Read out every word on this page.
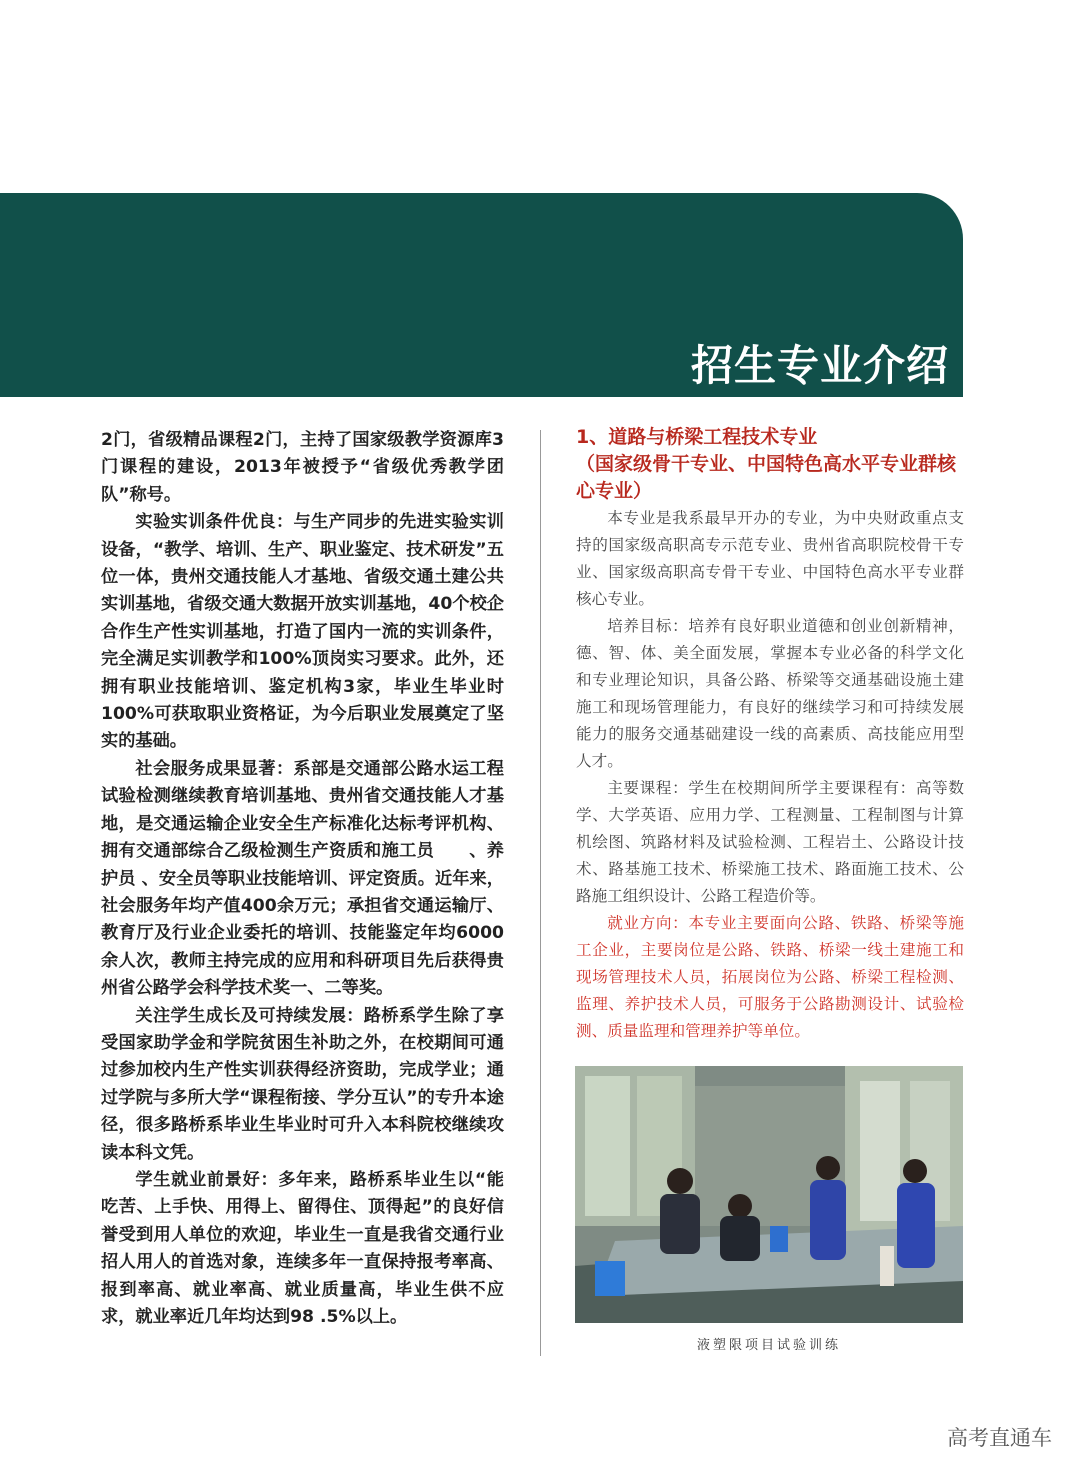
招生专业介绍

2门，省级精品课程2门，主持了国家级教学资源库3门课程的建设，2013年被授予“省级优秀教学团队”称号。

实验实训条件优良：与生产同步的先进实验实训设备，“教学、培训、生产、职业鉴定、技术研发”五位一体，贵州交通技能人才基地、省级交通土建公共实训基地，省级交通大数据开放实训基地，40个校企合作生产性实训基地，打造了国内一流的实训条件，完全满足实训教学和100%顶岗实习要求。此外，还拥有职业技能培训、鉴定机构3家，毕业生毕业时100%可获取职业资格证，为今后职业发展奠定了坚实的基础。

社会服务成果显著：系部是交通部公路水运工程试验检测继续教育培训基地、贵州省交通技能人才基地，是交通运输企业安全生产标准化达标考评机构、拥有交通部综合乙级检测生产资质和施工员　　、养护员 、安全员等职业技能培训、评定资质。近年来，社会服务年均产值400余万元；承担省交通运输厅、教育厅及行业企业委托的培训、技能鉴定年均6000余人次，教师主持完成的应用和科研项目先后获得贵州省公路学会科学技术奖一、二等奖。

关注学生成长及可持续发展：路桥系学生除了享受国家助学金和学院贫困生补助之外，在校期间可通过参加校内生产性实训获得经济资助，完成学业；通过学院与多所大学“课程衔接、学分互认”的专升本途径，很多路桥系毕业生毕业时可升入本科院校继续攻读本科文凭。

学生就业前景好：多年来，路桥系毕业生以“能吃苦、上手快、用得上、留得住、顶得起”的良好信誉受到用人单位的欢迎，毕业生一直是我省交通行业招人用人的首选对象，连续多年一直保持报考率高、报到率高、就业率高、就业质量高，毕业生供不应求，就业率近几年均达到98 .5%以上。

1、道路与桥梁工程技术专业

（国家级骨干专业、中国特色高水平专业群核心专业）

本专业是我系最早开办的专业，为中央财政重点支持的国家级高职高专示范专业、贵州省高职院校骨干专业、国家级高职高专骨干专业、中国特色高水平专业群核心专业。

培养目标：培养有良好职业道德和创业创新精神，德、智、体、美全面发展，掌握本专业必备的科学文化和专业理论知识，具备公路、桥梁等交通基础设施土建施工和现场管理能力，有良好的继续学习和可持续发展能力的服务交通基础建设一线的高素质、高技能应用型人才。

主要课程：学生在校期间所学主要课程有：高等数学、大学英语、应用力学、工程测量、工程制图与计算机绘图、筑路材料及试验检测、工程岩土、公路设计技术、路基施工技术、桥梁施工技术、路面施工技术、公路施工组织设计、公路工程造价等。

就业方向：本专业主要面向公路、铁路、桥梁等施工企业，主要岗位是公路、铁路、桥梁一线土建施工和现场管理技术人员，拓展岗位为公路、桥梁工程检测、监理、养护技术人员，可服务于公路勘测设计、试验检测、质量监理和管理养护等单位。

液塑限项目试验训练
高考直通车
